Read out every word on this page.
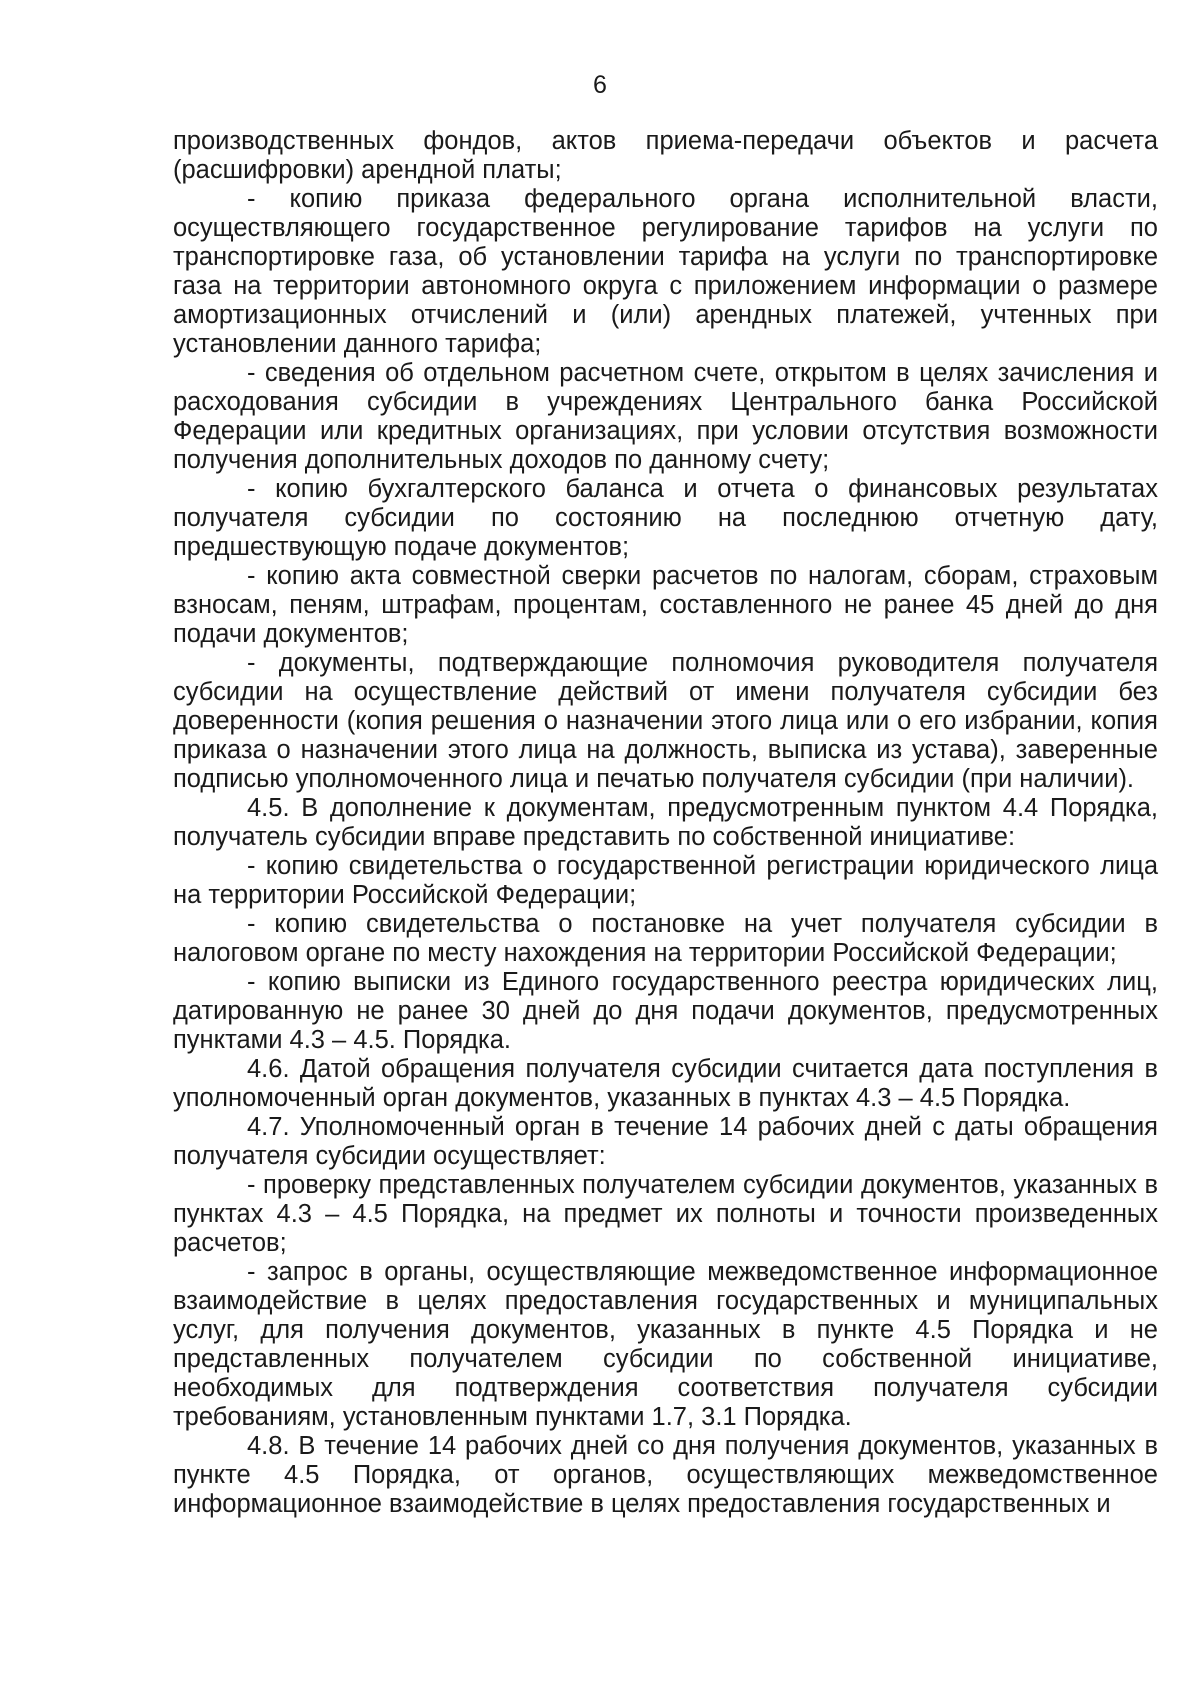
6

производственных фондов, актов приема-передачи объектов и расчета (расшифровки) арендной платы;

- копию приказа федерального органа исполнительной власти, осуществляющего государственное регулирование тарифов на услуги по транспортировке газа, об установлении тарифа на услуги по транспортировке газа на территории автономного округа с приложением информации о размере амортизационных отчислений и (или) арендных платежей, учтенных при установлении данного тарифа;

- сведения об отдельном расчетном счете, открытом в целях зачисления и расходования субсидии в учреждениях Центрального банка Российской Федерации или кредитных организациях, при условии отсутствия возможности получения дополнительных доходов по данному счету;

- копию бухгалтерского баланса и отчета о финансовых результатах получателя субсидии по состоянию на последнюю отчетную дату, предшествующую подаче документов;

- копию акта совместной сверки расчетов по налогам, сборам, страховым взносам, пеням, штрафам, процентам, составленного не ранее 45 дней до дня подачи документов;

- документы, подтверждающие полномочия руководителя получателя субсидии на осуществление действий от имени получателя субсидии без доверенности (копия решения о назначении этого лица или о его избрании, копия приказа о назначении этого лица на должность, выписка из устава), заверенные подписью уполномоченного лица и печатью получателя субсидии (при наличии).

4.5. В дополнение к документам, предусмотренным пунктом 4.4 Порядка, получатель субсидии вправе представить по собственной инициативе:

- копию свидетельства о государственной регистрации юридического лица на территории Российской Федерации;

- копию свидетельства о постановке на учет получателя субсидии в налоговом органе по месту нахождения на территории Российской Федерации;

- копию выписки из Единого государственного реестра юридических лиц, датированную не ранее 30 дней до дня подачи документов, предусмотренных пунктами 4.3 – 4.5. Порядка.

4.6. Датой обращения получателя субсидии считается дата поступления в уполномоченный орган документов, указанных в пунктах 4.3 – 4.5 Порядка.

4.7. Уполномоченный орган в течение 14 рабочих дней с даты обращения получателя субсидии осуществляет:

- проверку представленных получателем субсидии документов, указанных в пунктах 4.3 – 4.5 Порядка, на предмет их полноты и точности произведенных расчетов;

- запрос в органы, осуществляющие межведомственное информационное взаимодействие в целях предоставления государственных и муниципальных услуг, для получения документов, указанных в пункте 4.5 Порядка и не представленных получателем субсидии по собственной инициативе, необходимых для подтверждения соответствия получателя субсидии требованиям, установленным пунктами 1.7, 3.1 Порядка.

4.8. В течение 14 рабочих дней со дня получения документов, указанных в пункте 4.5 Порядка, от органов, осуществляющих межведомственное информационное взаимодействие в целях предоставления государственных и
